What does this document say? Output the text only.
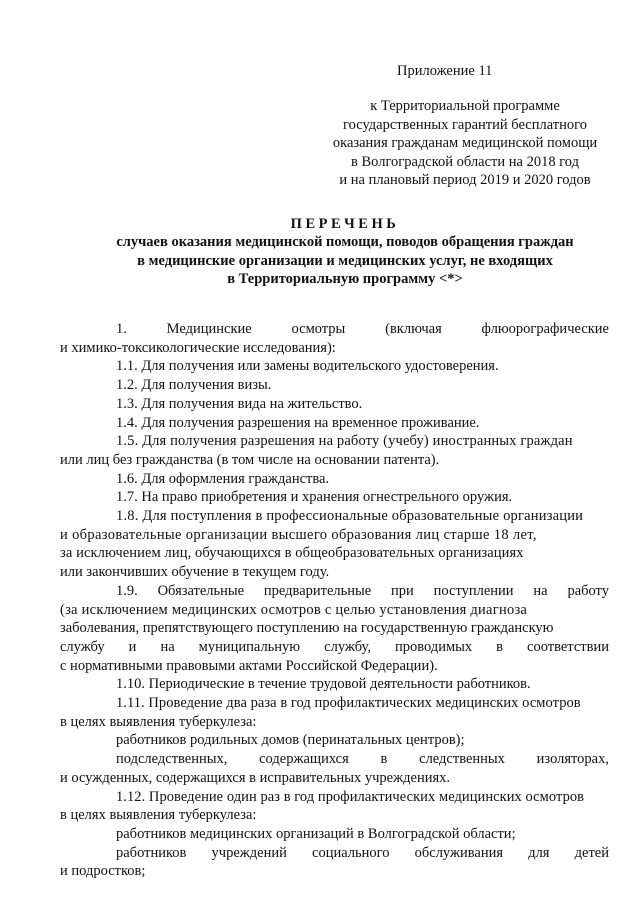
Приложение 11
к Территориальной программе
государственных гарантий бесплатного
оказания гражданам медицинской помощи
в Волгоградской области на 2018 год
и на плановый период 2019 и 2020 годов
ПЕРЕЧЕНЬ
случаев оказания медицинской помощи, поводов обращения граждан
в медицинские организации и медицинских услуг, не входящих
в Территориальную программу <*>
1.	Медицинские	осмотры	(включая	флюорографические
и химико-токсикологические исследования):
1.1. Для получения или замены водительского удостоверения.
1.2. Для получения визы.
1.3. Для получения вида на жительство.
1.4. Для получения разрешения на временное проживание.
1.5. Для получения разрешения на работу (учебу) иностранных граждан
или лиц без гражданства (в том числе на основании патента).
1.6. Для оформления гражданства.
1.7. На право приобретения и хранения огнестрельного оружия.
1.8. Для поступления в профессиональные образовательные организации
и образовательные организации высшего образования лиц старше 18 лет,
за исключением лиц, обучающихся в общеобразовательных организациях
или закончивших обучение в текущем году.
1.9. Обязательные предварительные при поступлении на работу
(за исключением медицинских осмотров с целью установления диагноза
заболевания, препятствующего поступлению на государственную гражданскую
службу и на муниципальную службу, проводимых в соответствии
с нормативными правовыми актами Российской Федерации).
1.10. Периодические в течение трудовой деятельности работников.
1.11. Проведение два раза в год профилактических медицинских осмотров
в целях выявления туберкулеза:
работников родильных домов (перинатальных центров);
подследственных, содержащихся в следственных изоляторах,
и осужденных, содержащихся в исправительных учреждениях.
1.12. Проведение один раз в год профилактических медицинских осмотров
в целях выявления туберкулеза:
работников медицинских организаций в Волгоградской области;
работников учреждений социального обслуживания для детей
и подростков;
